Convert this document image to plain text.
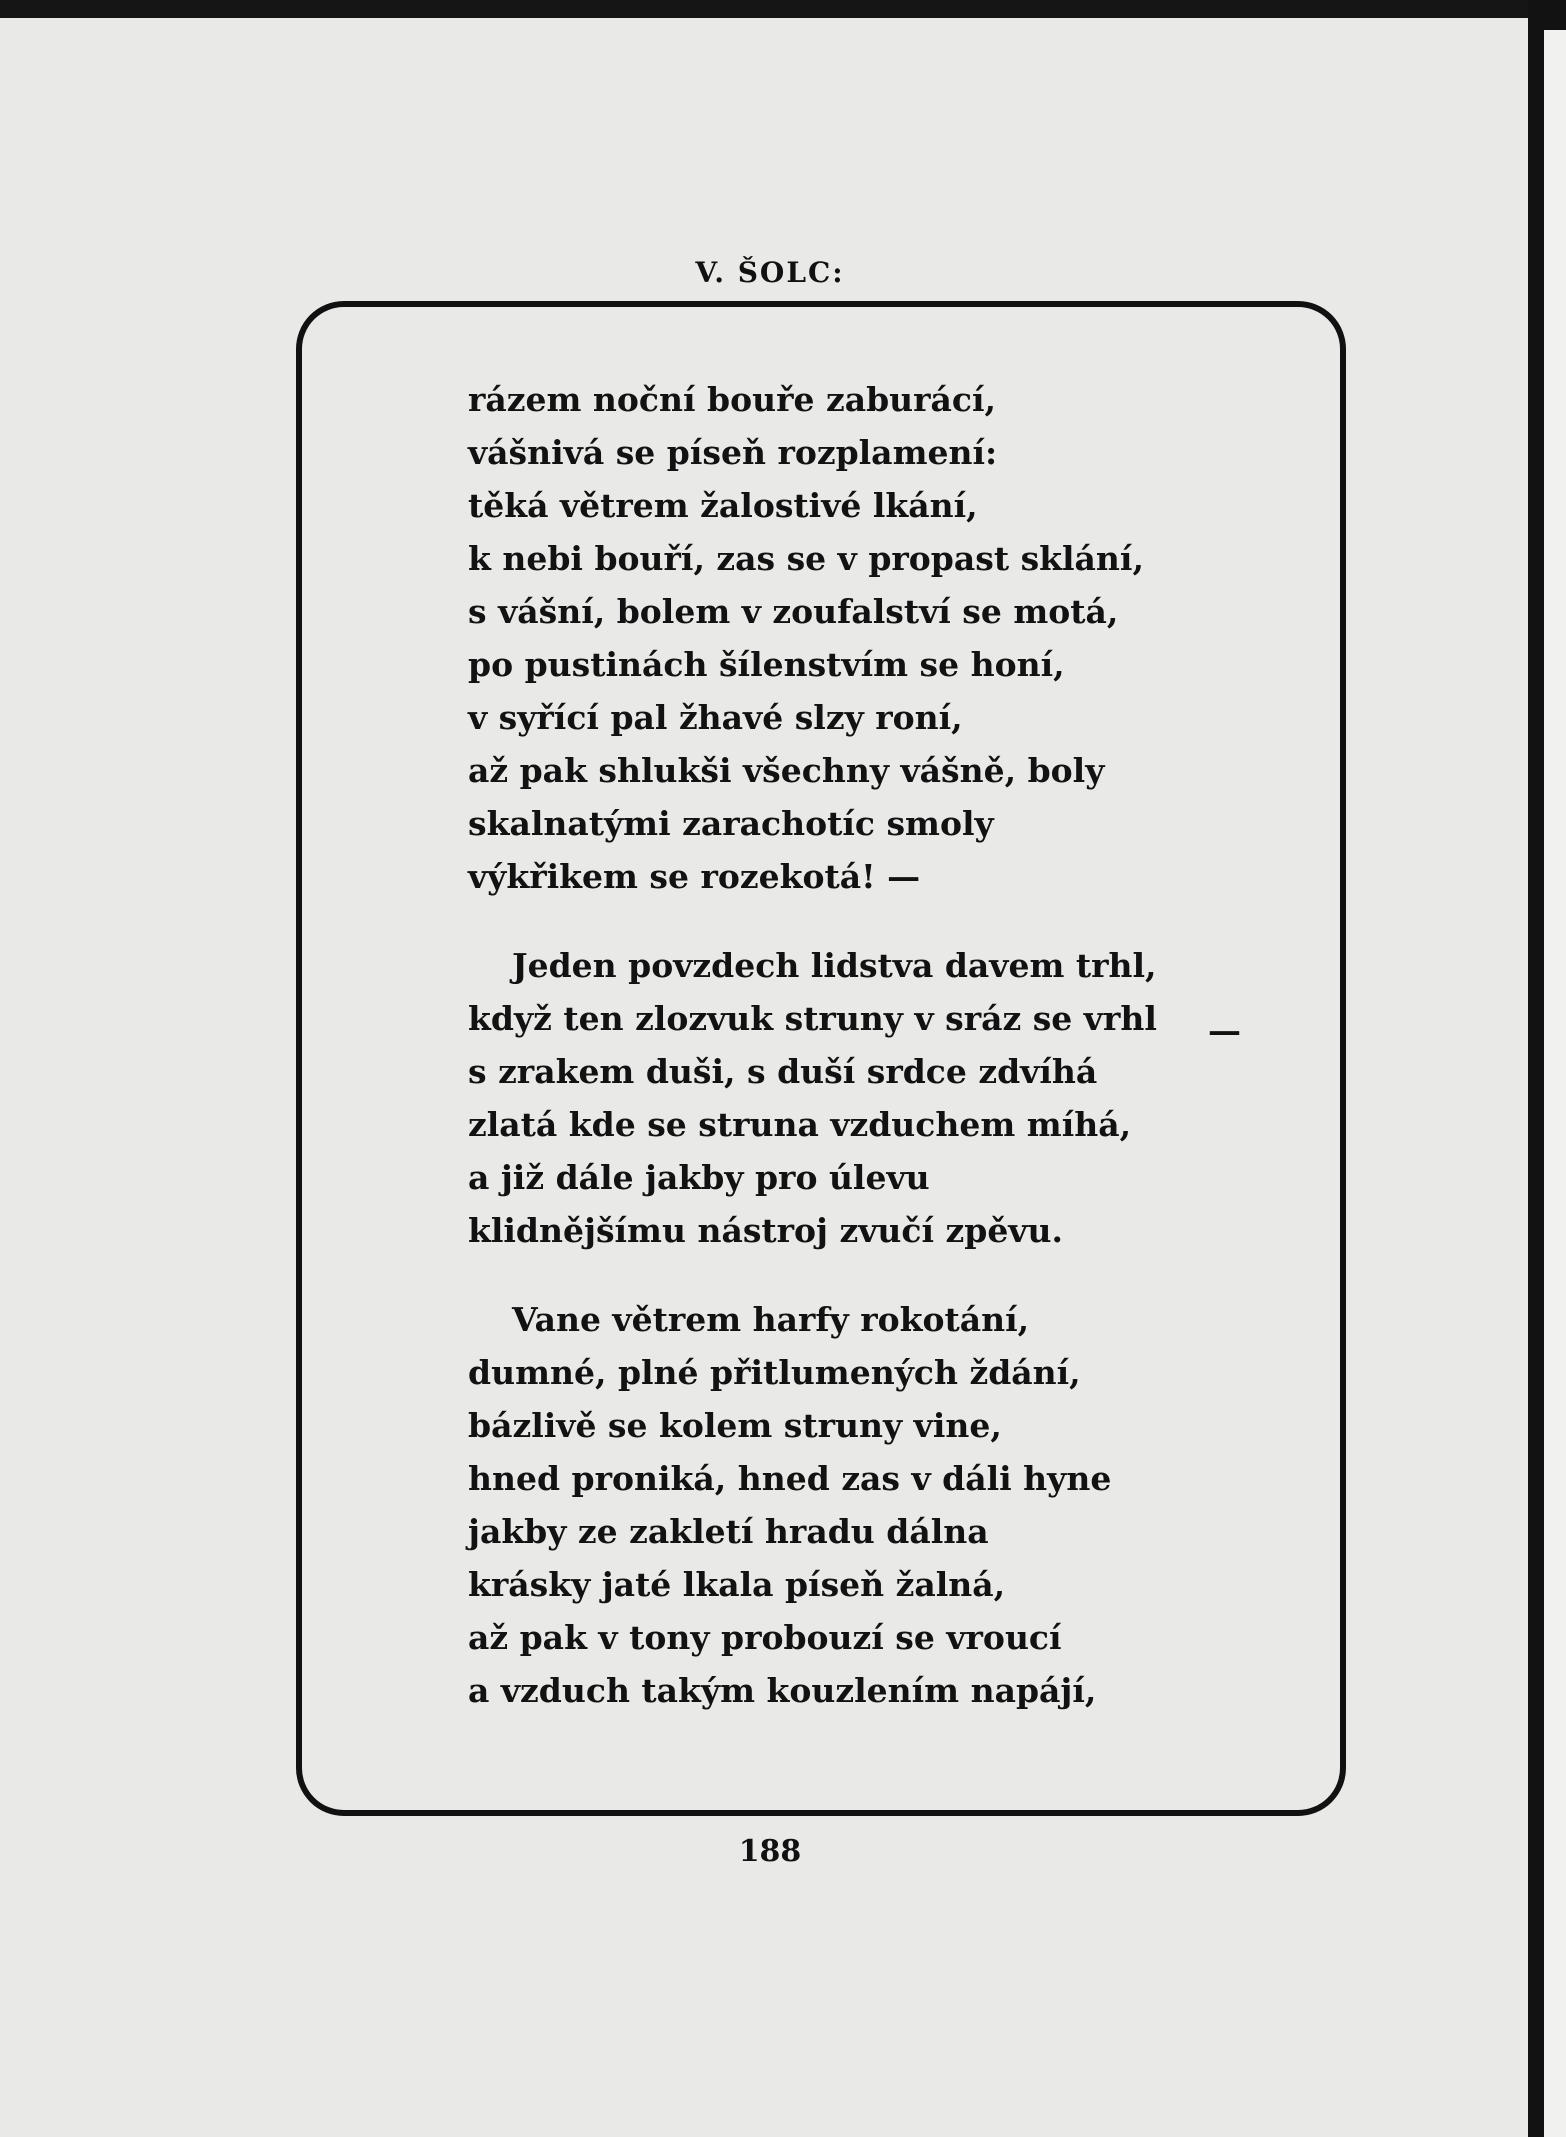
V. ŠOLC:
rázem noční bouře zaburácí,
vášnivá se píseň rozplamení:
těká větrem žalostivé lkání,
k nebi bouří, zas se v propast sklání,
s vášní, bolem v zoufalství se motá,
po pustinách šílenstvím se honí,
v syřící pal žhavé slzy roní,
až pak shlukši všechny vášně, boly
skalnatými zarachotíc smoly
výkřikem se rozekotá! —
Jeden povzdech lidstva davem trhl,
když ten zlozvuk struny v sráz se vrhl
s zrakem duši, s duší srdce zdvíhá
zlatá kde se struna vzduchem míhá,
a již dále jakby pro úlevu
klidnějšímu nástroj zvučí zpěvu.
Vane větrem harfy rokotání,
dumné, plné přitlumených ždání,
bázlivě se kolem struny vine,
hned proniká, hned zas v dáli hyne
jakby ze zakletí hradu dálna
krásky jaté lkala píseň žalná,
až pak v tony probouzí se vroucí
a vzduch takým kouzlením napájí,
—
188
